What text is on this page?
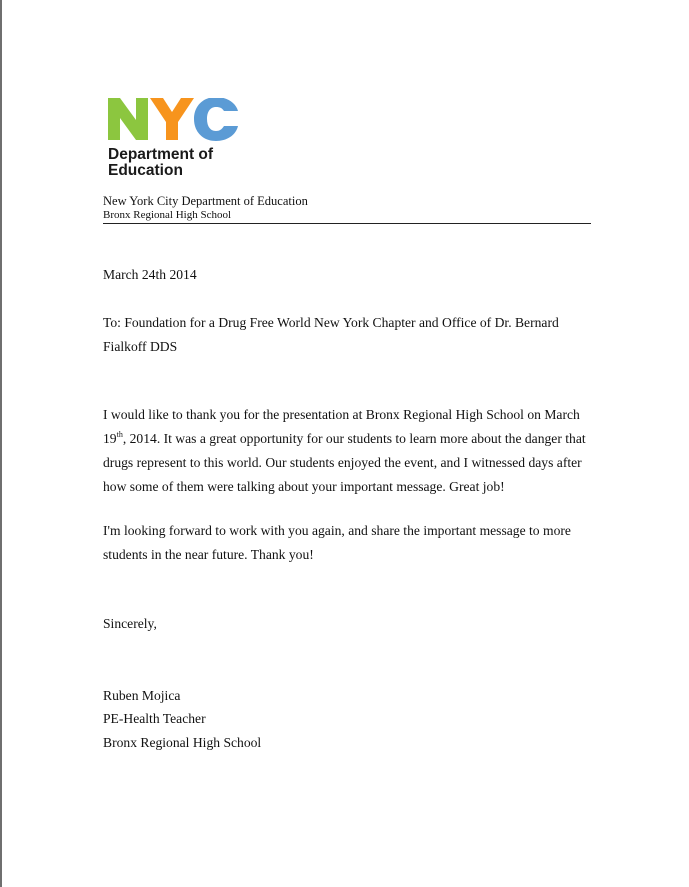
Department of
Education
New York City Department of Education
Bronx Regional High School
March 24th 2014
To: Foundation for a Drug Free World New York Chapter and Office of Dr. Bernard
Fialkoff DDS
I would like to thank you for the presentation at Bronx Regional High School on March
19th, 2014. It was a great opportunity for our students to learn more about the danger that
drugs represent to this world. Our students enjoyed the event, and I witnessed days after
how some of them were talking about your important message. Great job!
I'm looking forward to work with you again, and share the important message to more
students in the near future. Thank you!
Sincerely,
Ruben Mojica
PE-Health Teacher
Bronx Regional High School
